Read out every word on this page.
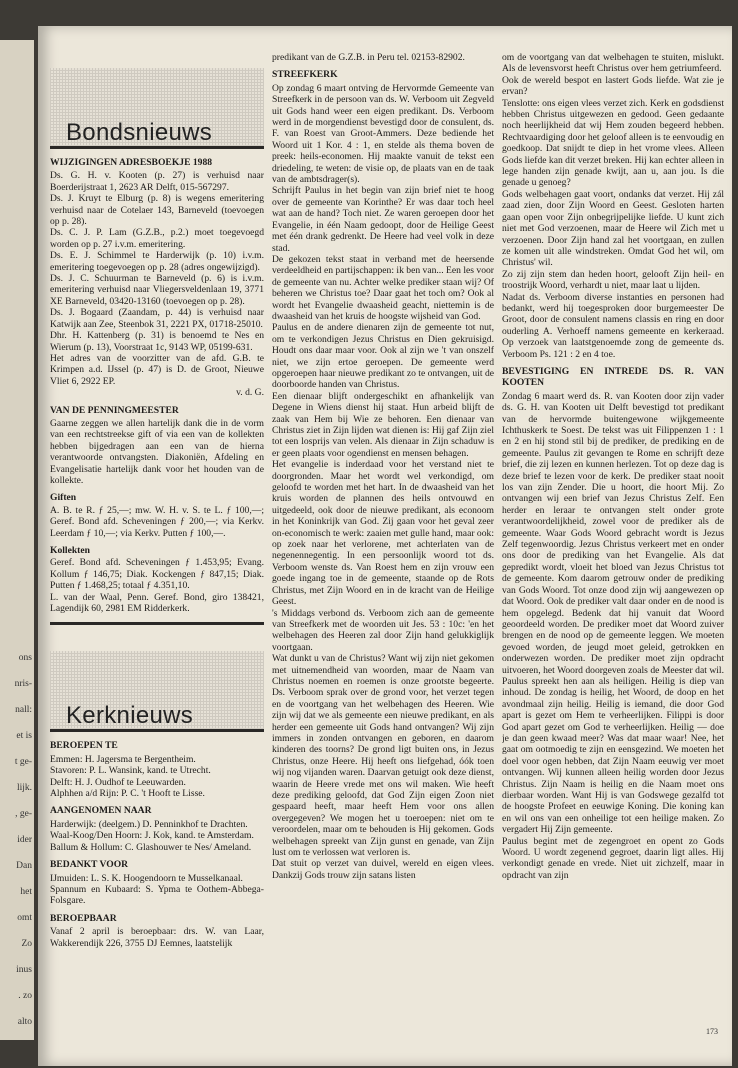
ons
nris-
nall:
et is
t ge-
lijk.
, ge-
ider
Dan
het
omt
Zo
inus
. zo
alto
Bondsnieuws
WIJZIGINGEN ADRESBOEKJE 1988

Ds. G. H. v. Kooten (p. 27) is verhuisd naar Boerderijstraat 1, 2623 AR Delft, 015-567297.

Ds. J. Kruyt te Elburg (p. 8) is wegens emeritering verhuisd naar de Cotelaer 143, Barneveld (toevoegen op p. 28).

Ds. C. J. P. Lam (G.Z.B., p.2.) moet toegevoegd worden op p. 27 i.v.m. emeritering.

Ds. E. J. Schimmel te Harderwijk (p. 10) i.v.m. emeritering toegevoegen op p. 28 (adres ongewijzigd).

Ds. J. C. Schuurman te Barneveld (p. 6) is i.v.m. emeritering verhuisd naar Vliegersveldenlaan 19, 3771 XE Barneveld, 03420-13160 (toevoegen op p. 28).

Ds. J. Bogaard (Zaandam, p. 44) is verhuisd naar Katwijk aan Zee, Steenbok 31, 2221 PX, 01718-25010.

Dhr. H. Kattenberg (p. 31) is benoemd te Nes en Wierum (p. 13), Voorstraat 1c, 9143 WP, 05199-631.

Het adres van de voorzitter van de afd. G.B. te Krimpen a.d. IJssel (p. 47) is D. de Groot, Nieuwe Vliet 6, 2922 EP.

v. d. G.

VAN DE PENNINGMEESTER

Gaarne zeggen we allen hartelijk dank die in de vorm van een rechtstreekse gift of via een van de kollekten hebben bijgedragen aan een van de hierna verantwoorde ontvangsten. Diakoniën, Afdeling en Evangelisatie hartelijk dank voor het houden van de kollekte.

Giften

A. B. te R. ƒ 25,—; mw. W. H. v. S. te L. ƒ 100,—; Geref. Bond afd. Scheveningen ƒ 200,—; via Kerkv. Leerdam ƒ 10,—; via Kerkv. Putten ƒ 100,—.

Kollekten

Geref. Bond afd. Scheveningen ƒ 1.453,95; Evang. Kollum ƒ 146,75; Diak. Kockengen ƒ 847,15; Diak. Putten ƒ 1.468,25; totaal ƒ 4.351,10.

L. van der Waal, Penn. Geref. Bond, giro 138421, Lagendijk 60, 2981 EM Ridderkerk.

Kerknieuws
BEROEPEN TE

Emmen: H. Jagersma te Bergentheim.

Stavoren: P. L. Wansink, kand. te Utrecht.

Delft: H. J. Oudhof te Leeuwarden.

Alphhen a/d Rijn: P. C. 't Hooft te Lisse.

AANGENOMEN NAAR

Harderwijk: (deelgem.) D. Penninkhof te Drachten.

Waal-Koog/Den Hoorn: J. Kok, kand. te Amsterdam.

Ballum & Hollum: C. Glashouwer te Nes/ Ameland.

BEDANKT VOOR

IJmuiden: L. S. K. Hoogendoorn te Musselkanaal.

Spannum en Kubaard: S. Ypma te Oothem-Abbega-Folsgare.

BEROEPBAAR

Vanaf 2 april is beroepbaar: drs. W. van Laar, Wakkerendijk 226, 3755 DJ Eemnes, laatstelijk

predikant van de G.Z.B. in Peru tel. 02153-82902.

STREEFKERK

Op zondag 6 maart ontving de Hervormde Gemeente van Streefkerk in de persoon van ds. W. Verboom uit Zegveld uit Gods hand weer een eigen predikant. Ds. Verboom werd in de morgendienst bevestigd door de consulent, ds. F. van Roest van Groot-Ammers. Deze bediende het Woord uit 1 Kor. 4 : 1, en stelde als thema boven de preek: heils-economen. Hij maakte vanuit de tekst een driedeling, te weten: de visie op, de plaats van en de taak van de ambtsdrager(s).

Schrijft Paulus in het begin van zijn brief niet te hoog over de gemeente van Korinthe? Er was daar toch heel wat aan de hand? Toch niet. Ze waren geroepen door het Evangelie, in één Naam gedoopt, door de Heilige Geest met één drank gedrenkt. De Heere had veel volk in deze stad.

De gekozen tekst staat in verband met de heersende verdeeldheid en partijschappen: ik ben van... Een les voor de gemeente van nu. Achter welke prediker staan wij? Of beheren we Christus toe? Daar gaat het toch om? Ook al wordt het Evangelie dwaasheid geacht, niettemin is de dwaasheid van het kruis de hoogste wijsheid van God.

Paulus en de andere dienaren zijn de gemeente tot nut, om te verkondigen Jezus Christus en Dien gekruisigd. Houdt ons daar maar voor. Ook al zijn we 't van onszelf niet, we zijn ertoe geroepen. De gemeente werd opgeroepen haar nieuwe predikant zo te ontvangen, uit de doorboorde handen van Christus.

Een dienaar blijft ondergeschikt en afhankelijk van Degene in Wiens dienst hij staat. Hun arbeid blijft de zaak van Hem bij Wie ze behoren. Een dienaar van Christus ziet in Zijn lijden wat dienen is: Hij gaf Zijn ziel tot een losprijs van velen. Als dienaar in Zijn schaduw is er geen plaats voor ogendienst en mensen behagen.

Het evangelie is inderdaad voor het verstand niet te doorgronden. Maar het wordt wel verkondigd, om geloofd te worden met het hart. In de dwaasheid van het kruis worden de plannen des heils ontvouwd en uitgedeeld, ook door de nieuwe predikant, als econoom in het Koninkrijk van God. Zij gaan voor het geval zeer on-economisch te werk: zaaien met gulle hand, maar ook: op zoek naar het verlorene, met achterlaten van de negenennegentig. In een persoonlijk woord tot ds. Verboom wenste ds. Van Roest hem en zijn vrouw een goede ingang toe in de gemeente, staande op de Rots Christus, met Zijn Woord en in de kracht van de Heilige Geest.

's Middags verbond ds. Verboom zich aan de gemeente van Streefkerk met de woorden uit Jes. 53 : 10c: 'en het welbehagen des Heeren zal door Zijn hand gelukkiglijk voortgaan.

Wat dunkt u van de Christus? Want wij zijn niet gekomen met uitnemendheid van woorden, maar de Naam van Christus noemen en roemen is onze grootste begeerte. Ds. Verboom sprak over de grond voor, het verzet tegen en de voortgang van het welbehagen des Heeren. Wie zijn wij dat we als gemeente een nieuwe predikant, en als herder een gemeente uit Gods hand ontvangen? Wij zijn immers in zonden ontvangen en geboren, en daarom kinderen des toorns? De grond ligt buiten ons, in Jezus Christus, onze Heere. Hij heeft ons liefgehad, óók toen wij nog vijanden waren. Daarvan getuigt ook deze dienst, waarin de Heere vrede met ons wil maken. Wie heeft deze prediking geloofd, dat God Zijn eigen Zoon niet gespaard heeft, maar heeft Hem voor ons allen overgegeven? We mogen het u toeroepen: niet om te veroordelen, maar om te behouden is Hij gekomen. Gods welbehagen spreekt van Zijn gunst en genade, van Zijn lust om te verlossen wat verloren is.

Dat stuit op verzet van duivel, wereld en eigen vlees. Dankzij Gods trouw zijn satans listen

om de voortgang van dat welbehagen te stuiten, mislukt. Als de levensvorst heeft Christus over hem getriumfeerd.

Ook de wereld bespot en lastert Gods liefde. Wat zie je ervan?

Tenslotte: ons eigen vlees verzet zich. Kerk en godsdienst hebben Christus uitgewezen en gedood. Geen gedaante noch heerlijkheid dat wij Hem zouden begeerd hebben. Rechtvaardiging door het geloof alleen is te eenvoudig en goedkoop. Dat snijdt te diep in het vrome vlees. Alleen Gods liefde kan dit verzet breken. Hij kan echter alleen in lege handen zijn genade kwijt, aan u, aan jou. Is die genade u genoeg?

Gods welbehagen gaat voort, ondanks dat verzet. Hij zál zaad zien, door Zijn Woord en Geest. Gesloten harten gaan open voor Zijn onbegrijpelijke liefde. U kunt zich niet met God verzoenen, maar de Heere wil Zich met u verzoenen. Door Zijn hand zal het voortgaan, en zullen ze komen uit alle windstreken. Omdat God het wil, om Christus' wil.

Zo zij zijn stem dan heden hoort, gelooft Zijn heil- en troostrijk Woord, verhardt u niet, maar laat u lijden.

Nadat ds. Verboom diverse instanties en personen had bedankt, werd hij toegesproken door burgemeester De Groot, door de consulent namens classis en ring en door ouderling A. Verhoeff namens gemeente en kerkeraad. Op verzoek van laatstgenoemde zong de gemeente ds. Verboom Ps. 121 : 2 en 4 toe.

BEVESTIGING EN INTREDE DS. R. VAN KOOTEN

Zondag 6 maart werd ds. R. van Kooten door zijn vader ds. G. H. van Kooten uit Delft bevestigd tot predikant van de hervormde buitengewone wijkgemeente Ichthuskerk te Soest. De tekst was uit Filippenzen 1 : 1 en 2 en hij stond stil bij de prediker, de prediking en de gemeente. Paulus zit gevangen te Rome en schrijft deze brief, die zij lezen en kunnen herlezen. Tot op deze dag is deze brief te lezen voor de kerk. De prediker staat nooit los van zijn Zender. Die u hoort, die hoort Mij. Zo ontvangen wij een brief van Jezus Christus Zelf. Een herder en leraar te ontvangen stelt onder grote verantwoordelijkheid, zowel voor de prediker als de gemeente. Waar Gods Woord gebracht wordt is Jezus Zelf tegenwoordig. Jezus Christus verkeert met en onder ons door de prediking van het Evangelie. Als dat gepredikt wordt, vloeit het bloed van Jezus Christus tot de gemeente. Kom daarom getrouw onder de prediking van Gods Woord. Tot onze dood zijn wij aangewezen op dat Woord. Ook de prediker valt daar onder en de nood is hem opgelegd. Bedenk dat hij vanuit dat Woord geoordeeld worden. De prediker moet dat Woord zuiver brengen en de nood op de gemeente leggen. We moeten gevoed worden, de jeugd moet geleid, getrokken en onderwezen worden. De prediker moet zijn opdracht uitvoeren, het Woord doorgeven zoals de Meester dat wil. Paulus spreekt hen aan als heiligen. Heilig is diep van inhoud. De zondag is heilig, het Woord, de doop en het avondmaal zijn heilig. Heilig is iemand, die door God apart is gezet om Hem te verheerlijken. Filippi is door God apart gezet om God te verheerlijken. Heilig — doe je dan geen kwaad meer? Was dat maar waar! Nee, het gaat om ootmoedig te zijn en eensgezind. We moeten het doel voor ogen hebben, dat Zijn Naam eeuwig ver moet ontvangen. Wij kunnen alleen heilig worden door Jezus Christus. Zijn Naam is heilig en die Naam moet ons dierbaar worden. Want Hij is van Godswege gezalfd tot de hoogste Profeet en eeuwige Koning. Die koning kan en wil ons van een onheilige tot een heilige maken. Zo vergadert Hij Zijn gemeente.

Paulus begint met de zegengroet en opent zo Gods Woord. U wordt zegenend gegroet, daarin ligt alles. Hij verkondigt genade en vrede. Niet uit zichzelf, maar in opdracht van zijn

173
